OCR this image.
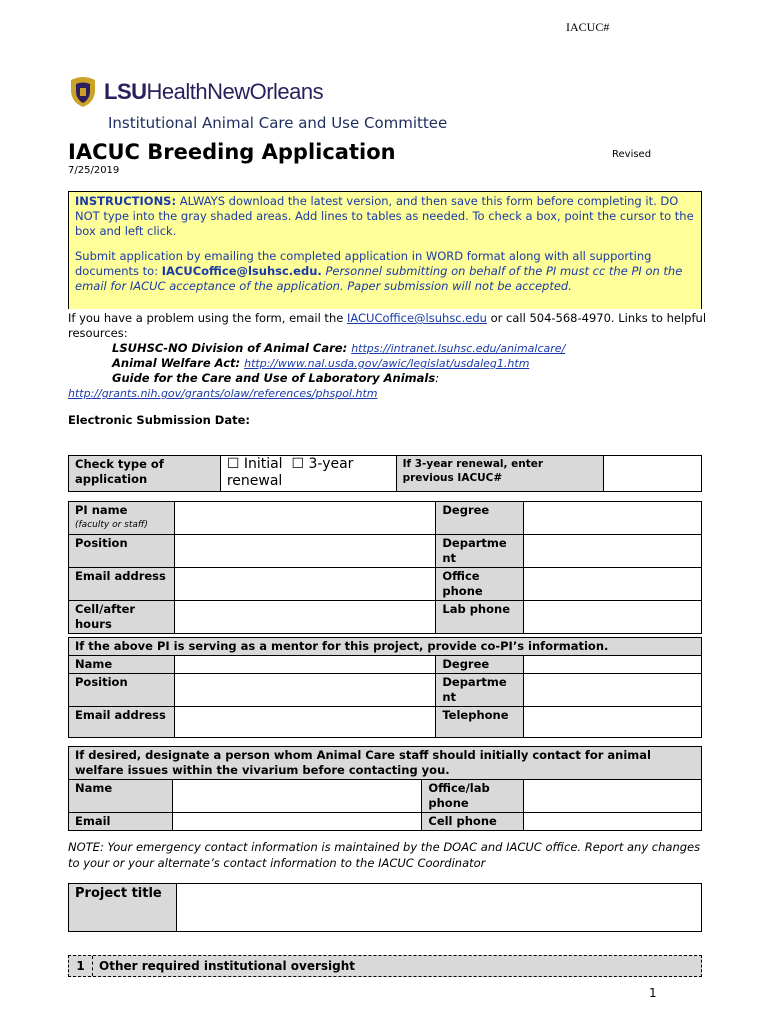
IACUC#
LSUHealthNewOrleans
Institutional Animal Care and Use Committee
IACUC Breeding Application	Revised
7/25/2019

INSTRUCTIONS: ALWAYS download the latest version, and then save this form before completing it. DO NOT type into the gray shaded areas. Add lines to tables as needed. To check a box, point the cursor to the box and left click.

Submit application by emailing the completed application in WORD format along with all supporting documents to: IACUCoffice@lsuhsc.edu. Personnel submitting on behalf of the PI must cc the PI on the email for IACUC acceptance of the application. Paper submission will not be accepted.

If you have a problem using the form, email the IACUCoffice@lsuhsc.edu or call 504-568-4970. Links to helpful resources:
LSUHSC-NO Division of Animal Care: https://intranet.lsuhsc.edu/animalcare/
Animal Welfare Act: http://www.nal.usda.gov/awic/legislat/usdaleg1.htm
Guide for the Care and Use of Laboratory Animals:
http://grants.nih.gov/grants/olaw/references/phspol.htm
Electronic Submission Date:
Check type of application	☐ Initial ☐ 3-year renewal	If 3-year renewal, enter previous IACUC#	
PI name
(faculty or staff)		Degree	
Position		Departme nt	
Email address		Office phone	
Cell/after hours		Lab phone	
If the above PI is serving as a mentor for this project, provide co-PI’s information.			
Name		Degree	
Position		Departme nt	
Email address		Telephone	
If desired, designate a person whom Animal Care staff should initially contact for animal welfare issues within the vivarium before contacting you.			
Name		Office/lab phone	
Email		Cell phone	
NOTE: Your emergency contact information is maintained by the DOAC and IACUC office. Report any changes to your or your alternate’s contact information to the IACUC Coordinator
Project title	
1	Other required institutional oversight
1
